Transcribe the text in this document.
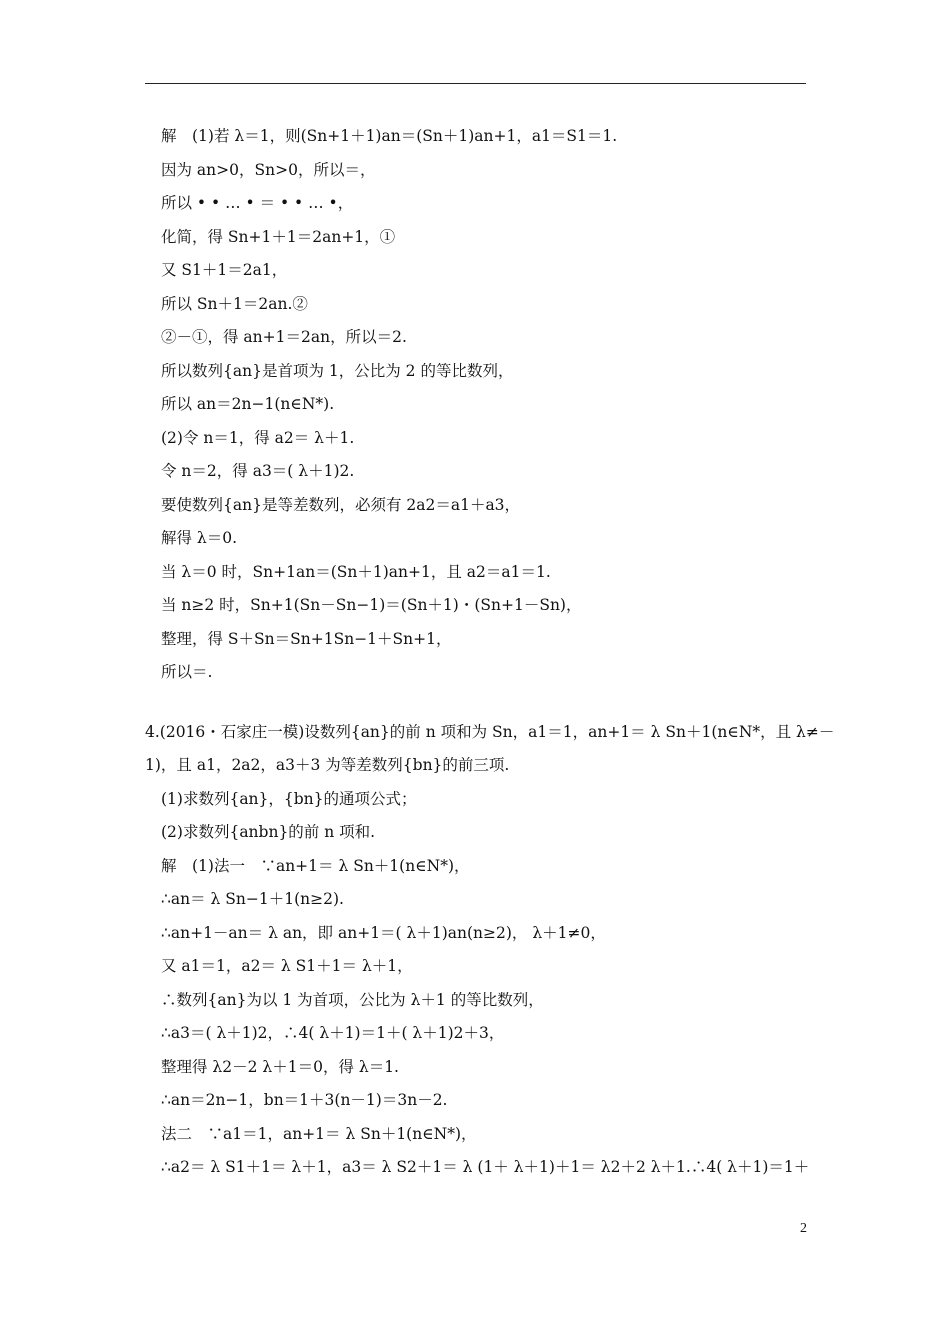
解　(1)若 λ＝1，则(Sn+1＋1)an＝(Sn＋1)an+1，a1＝S1＝1.
因为 an>0，Sn>0，所以＝，
所以 • • … • ＝ • • … •，
化简，得 Sn+1＋1＝2an+1，①
又 S1＋1＝2a1，
所以 Sn＋1＝2an.②
②－①，得 an+1＝2an，所以＝2.
所以数列{an}是首项为 1，公比为 2 的等比数列，
所以 an＝2n−1(n∈N*).
(2)令 n＝1，得 a2＝ λ＋1.
令 n＝2，得 a3＝( λ＋1)2.
要使数列{an}是等差数列，必须有 2a2＝a1＋a3，
解得 λ＝0.
当 λ＝0 时，Sn+1an＝(Sn＋1)an+1，且 a2＝a1＝1.
当 n≥2 时，Sn+1(Sn－Sn−1)＝(Sn＋1)・(Sn+1－Sn)，
整理，得 S＋Sn＝Sn+1Sn−1＋Sn+1，
所以＝.
4.(2016・石家庄一模)设数列{an}的前 n 项和为 Sn，a1＝1，an+1＝ λ Sn＋1(n∈N*，且 λ≠－
1)，且 a1，2a2，a3＋3 为等差数列{bn}的前三项.
(1)求数列{an}，{bn}的通项公式；
(2)求数列{anbn}的前 n 项和.
解　(1)法一　∵an+1＝ λ Sn＋1(n∈N*)，
∴an＝ λ Sn−1＋1(n≥2).
∴an+1－an＝ λ an，即 an+1＝( λ＋1)an(n≥2)， λ＋1≠0，
又 a1＝1，a2＝ λ S1＋1＝ λ＋1，
∴数列{an}为以 1 为首项，公比为 λ＋1 的等比数列，
∴a3＝( λ＋1)2，∴4( λ＋1)＝1＋( λ＋1)2＋3，
整理得 λ2－2 λ＋1＝0，得 λ＝1.
∴an＝2n−1，bn＝1＋3(n－1)＝3n－2.
法二　∵a1＝1，an+1＝ λ Sn＋1(n∈N*)，
∴a2＝ λ S1＋1＝ λ＋1，a3＝ λ S2＋1＝ λ (1＋ λ＋1)＋1＝ λ2＋2 λ＋1.∴4( λ＋1)＝1＋
2
